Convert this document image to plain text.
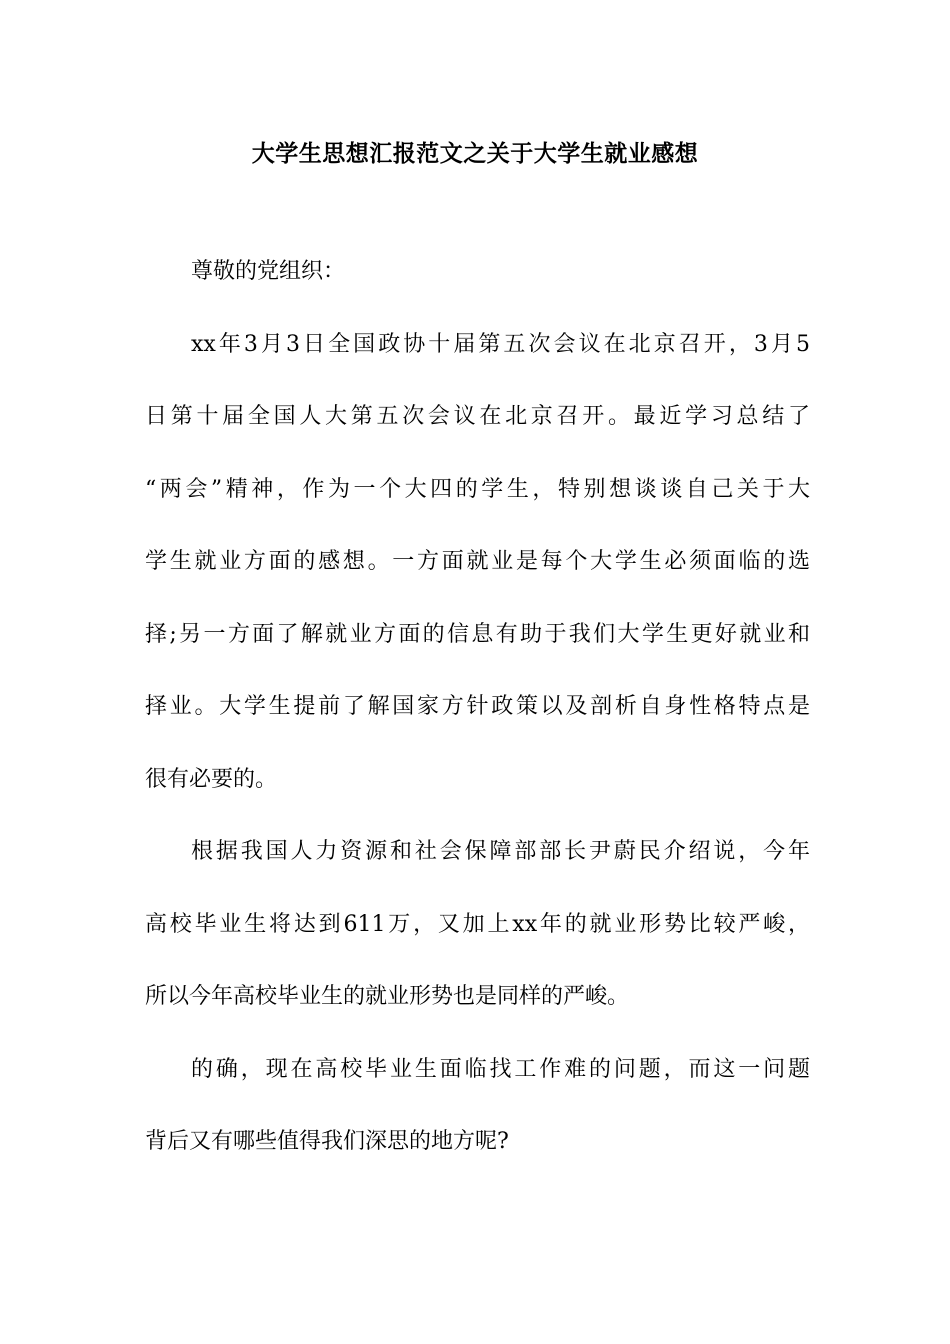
大学生思想汇报范文之关于大学生就业感想
尊敬的党组织：
xx年3月3日全国政协十届第五次会议在北京召开，3月5
日第十届全国人大第五次会议在北京召开。最近学习总结了
“两会”精神，作为一个大四的学生，特别想谈谈自己关于大
学生就业方面的感想。一方面就业是每个大学生必须面临的选
择;另一方面了解就业方面的信息有助于我们大学生更好就业和
择业。大学生提前了解国家方针政策以及剖析自身性格特点是
很有必要的。
根据我国人力资源和社会保障部部长尹蔚民介绍说，今年
高校毕业生将达到611万，又加上xx年的就业形势比较严峻，
所以今年高校毕业生的就业形势也是同样的严峻。
的确，现在高校毕业生面临找工作难的问题，而这一问题
背后又有哪些值得我们深思的地方呢?
